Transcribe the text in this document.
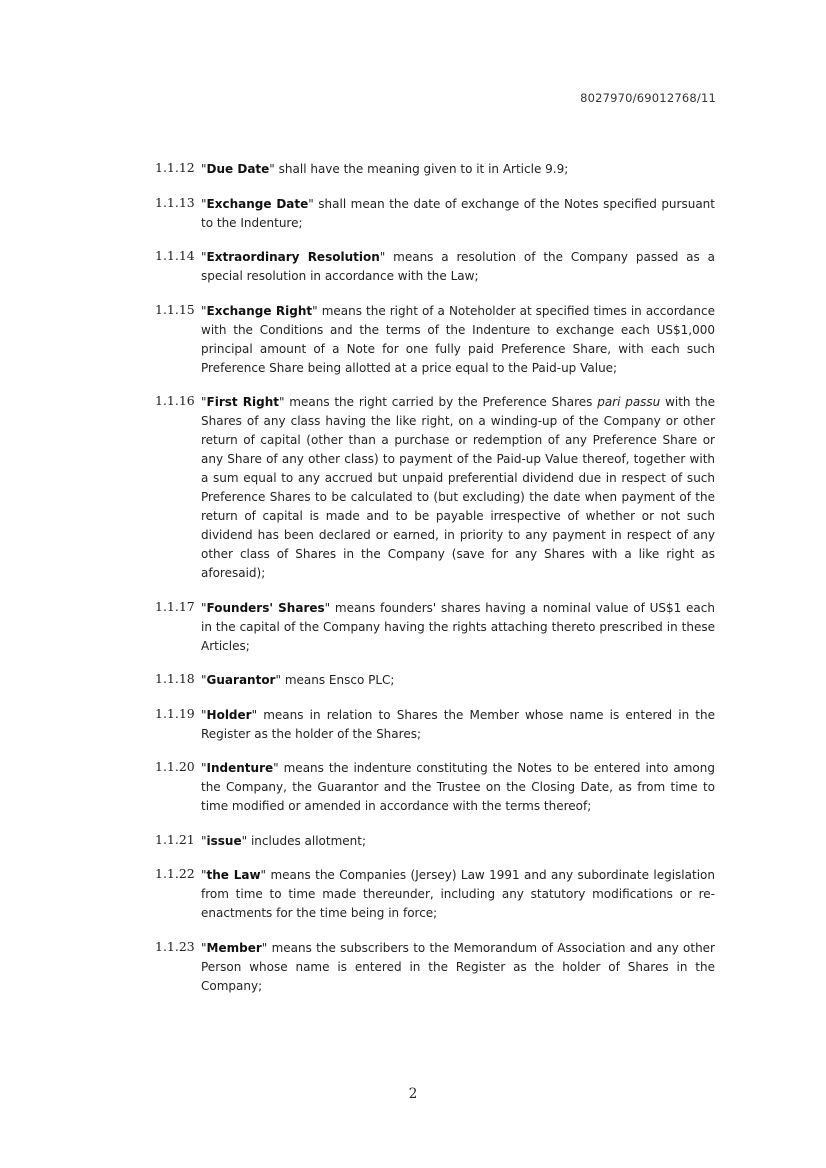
8027970/69012768/11
1.1.12 "Due Date" shall have the meaning given to it in Article 9.9;
1.1.13 "Exchange Date" shall mean the date of exchange of the Notes specified pursuant to the Indenture;
1.1.14 "Extraordinary Resolution" means a resolution of the Company passed as a special resolution in accordance with the Law;
1.1.15 "Exchange Right" means the right of a Noteholder at specified times in accordance with the Conditions and the terms of the Indenture to exchange each US$1,000 principal amount of a Note for one fully paid Preference Share, with each such Preference Share being allotted at a price equal to the Paid-up Value;
1.1.16 "First Right" means the right carried by the Preference Shares pari passu with the Shares of any class having the like right, on a winding-up of the Company or other return of capital (other than a purchase or redemption of any Preference Share or any Share of any other class) to payment of the Paid-up Value thereof, together with a sum equal to any accrued but unpaid preferential dividend due in respect of such Preference Shares to be calculated to (but excluding) the date when payment of the return of capital is made and to be payable irrespective of whether or not such dividend has been declared or earned, in priority to any payment in respect of any other class of Shares in the Company (save for any Shares with a like right as aforesaid);
1.1.17 "Founders' Shares" means founders' shares having a nominal value of US$1 each in the capital of the Company having the rights attaching thereto prescribed in these Articles;
1.1.18 "Guarantor" means Ensco PLC;
1.1.19 "Holder" means in relation to Shares the Member whose name is entered in the Register as the holder of the Shares;
1.1.20 "Indenture" means the indenture constituting the Notes to be entered into among the Company, the Guarantor and the Trustee on the Closing Date, as from time to time modified or amended in accordance with the terms thereof;
1.1.21 "issue" includes allotment;
1.1.22 "the Law" means the Companies (Jersey) Law 1991 and any subordinate legislation from time to time made thereunder, including any statutory modifications or re-enactments for the time being in force;
1.1.23 "Member" means the subscribers to the Memorandum of Association and any other Person whose name is entered in the Register as the holder of Shares in the Company;
2
